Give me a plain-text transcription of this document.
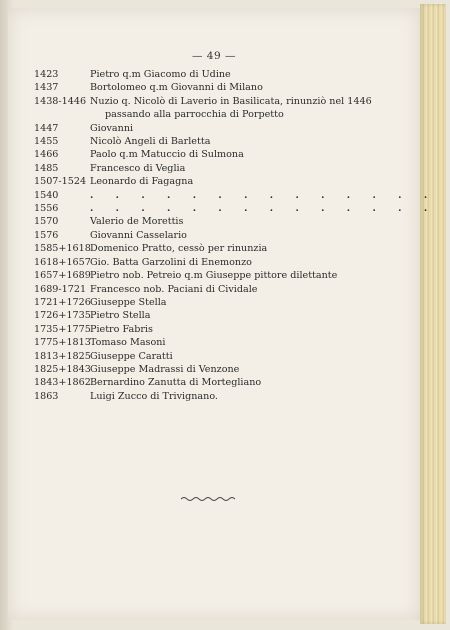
— 49 —
1423	Pietro q.m Giacomo di Udine
1437	Bortolomeo q.m Giovanni di Milano
1438-1446 Nuzio q. Nicolò di Laverio in Basilicata, rinunziò nel 1446
passando alla parrocchia di Porpetto
1447	Giovanni
1455	Nicolò Angeli di Barletta
1466	Paolo q.m Matuccio di Sulmona
1485	Francesco di Veglia
1507-1524 Leonardo di Fagagna
1540	. . . . . . . . . . . . . .
1556	. . . . . . . . . . . . . .
1570	Valerio de Morettis
1576	Giovanni Casselario
1585+1618 Domenico Pratto, cessò per rinunzia
1618+1657 Gio. Batta Garzolini di Enemonzo
1657+1689 Pietro nob. Petreio q.m Giuseppe pittore dilettante
1689-1721 Francesco nob. Paciani di Cividale
1721+1726 Giuseppe Stella
1726+1735 Pietro Stella
1735+1775 Pietro Fabris
1775+1813 Tomaso Masoni
1813+1825 Giuseppe Caratti
1825+1843 Giuseppe Madrassi di Venzone
1843+1862 Bernardino Zanutta di Mortegliano
1863	Luigi Zucco di Trivignano.
